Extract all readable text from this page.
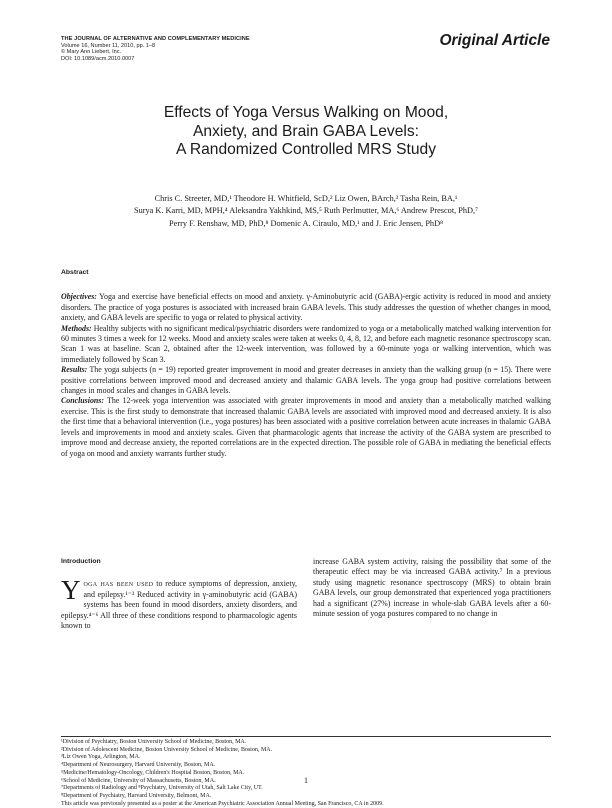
THE JOURNAL OF ALTERNATIVE AND COMPLEMENTARY MEDICINE
Volume 16, Number 11, 2010, pp. 1–8
© Mary Ann Liebert, Inc.
DOI: 10.1089/acm.2010.0007
Original Article
Effects of Yoga Versus Walking on Mood,
Anxiety, and Brain GABA Levels:
A Randomized Controlled MRS Study
Chris C. Streeter, MD,¹ Theodore H. Whitfield, ScD,² Liz Owen, BArch,³ Tasha Rein, BA,¹
Surya K. Karri, MD, MPH,⁴ Aleksandra Yakhkind, MS,⁵ Ruth Perlmutter, MA,⁶ Andrew Prescot, PhD,⁷
Perry F. Renshaw, MD, PhD,⁸ Domenic A. Ciraulo, MD,¹ and J. Eric Jensen, PhD⁸
Abstract

Objectives: Yoga and exercise have beneficial effects on mood and anxiety. γ-Aminobutyric acid (GABA)-ergic activity is reduced in mood and anxiety disorders. The practice of yoga postures is associated with increased brain GABA levels. This study addresses the question of whether changes in mood, anxiety, and GABA levels are specific to yoga or related to physical activity.

Methods: Healthy subjects with no significant medical/psychiatric disorders were randomized to yoga or a metabolically matched walking intervention for 60 minutes 3 times a week for 12 weeks. Mood and anxiety scales were taken at weeks 0, 4, 8, 12, and before each magnetic resonance spectroscopy scan. Scan 1 was at baseline. Scan 2, obtained after the 12-week intervention, was followed by a 60-minute yoga or walking intervention, which was immediately followed by Scan 3.

Results: The yoga subjects (n = 19) reported greater improvement in mood and greater decreases in anxiety than the walking group (n = 15). There were positive correlations between improved mood and decreased anxiety and thalamic GABA levels. The yoga group had positive correlations between changes in mood scales and changes in GABA levels.

Conclusions: The 12-week yoga intervention was associated with greater improvements in mood and anxiety than a metabolically matched walking exercise. This is the first study to demonstrate that increased thalamic GABA levels are associated with improved mood and decreased anxiety. It is also the first time that a behavioral intervention (i.e., yoga postures) has been associated with a positive correlation between acute increases in thalamic GABA levels and improvements in mood and anxiety scales. Given that pharmacologic agents that increase the activity of the GABA system are prescribed to improve mood and decrease anxiety, the reported correlations are in the expected direction. The possible role of GABA in mediating the beneficial effects of yoga on mood and anxiety warrants further study.

Introduction

Yoga has been used to reduce symptoms of depression, anxiety, and epilepsy.¹⁻³ Reduced activity in γ-aminobutyric acid (GABA) systems has been found in mood disorders, anxiety disorders, and epilepsy.⁴⁻⁶ All three of these conditions respond to pharmacologic agents known to

increase GABA system activity, raising the possibility that some of the therapeutic effect may be via increased GABA activity.⁷ In a previous study using magnetic resonance spectroscopy (MRS) to obtain brain GABA levels, our group demonstrated that experienced yoga practitioners had a significant (27%) increase in whole-slab GABA levels after a 60-minute session of yoga postures compared to no change in

¹Division of Psychiatry, Boston University School of Medicine, Boston, MA.
²Division of Adolescent Medicine, Boston University School of Medicine, Boston, MA.
³Liz Owen Yoga, Arlington, MA.
⁴Department of Neurosurgery, Harvard University, Boston, MA.
⁵Medicine/Hematology-Oncology, Children's Hospital Boston, Boston, MA.
⁶School of Medicine, University of Massachusetts, Boston, MA.
⁷Departments of Radiology and ⁸Psychiatry, University of Utah, Salt Lake City, UT.
⁸Department of Psychiatry, Harvard University, Belmont, MA.
This article was previously presented as a poster at the American Psychiatric Association Annual Meeting, San Francisco, CA in 2009.
1
